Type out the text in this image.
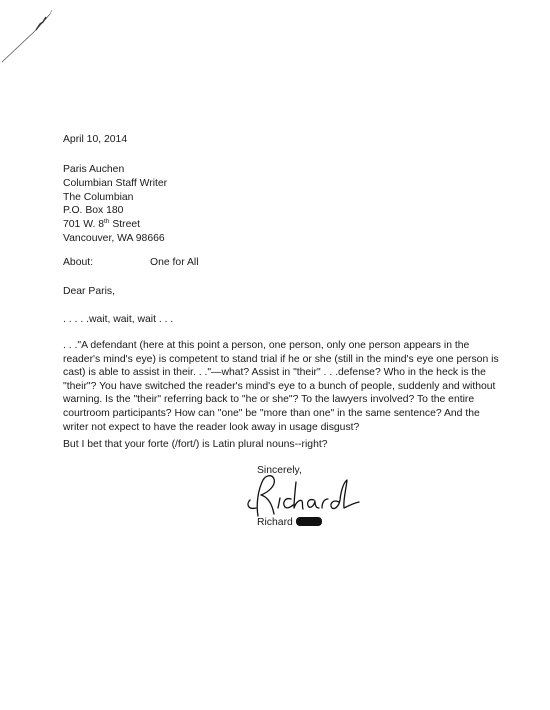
April 10, 2014
Paris Auchen
Columbian Staff Writer
The Columbian
P.O. Box 180
701 W. 8th Street
Vancouver, WA 98666
About:	One for All
Dear Paris,
. . . . .wait, wait, wait . . .
. . ."A defendant (here at this point a person, one person, only one person appears in the
reader's mind's eye) is competent to stand trial if he or she (still in the mind's eye one person is
cast) is able to assist in their. . ."—what? Assist in "their" . . .defense? Who in the heck is the
"their"? You have switched the reader's mind's eye to a bunch of people, suddenly and without
warning. Is the "their" referring back to "he or she"? To the lawyers involved? To the entire
courtroom participants? How can "one" be "more than one" in the same sentence? And the
writer not expect to have the reader look away in usage disgust?
But I bet that your forte (/fort/) is Latin plural nouns--right?
Sincerely,
Richard
